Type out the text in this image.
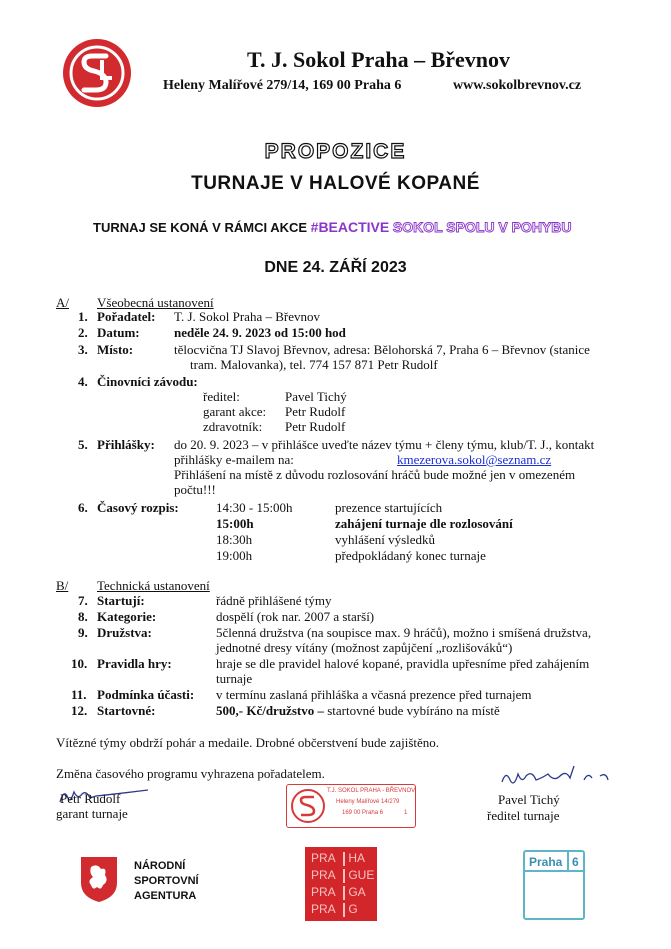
T. J. Sokol Praha – Břevnov
Heleny Malířové 279/14, 169 00 Praha 6	www.sokolbrevnov.cz
PROPOZICE
TURNAJE V HALOVÉ KOPANÉ
TURNAJ SE KONÁ V RÁMCI AKCE #BEACTIVE SOKOL SPOLU V POHYBU
DNE 24. ZÁŘÍ 2023
A/ Všeobecná ustanovení
1. Pořadatel: T. J. Sokol Praha – Břevnov
2. Datum:	neděle 24. 9. 2023 od 15:00 hod
3. Místo:	tělocvična TJ Slavoj Břevnov, adresa: Bělohorská 7, Praha 6 – Břevnov (stanice
tram. Malovanka), tel. 774 157 871 Petr Rudolf
4. Činovníci závodu:
ředitel:	Pavel Tichý
garant akce: Petr Rudolf
zdravotník: Petr Rudolf
5. Přihlášky: do 20. 9. 2023 – v přihlášce uveďte název týmu + členy týmu, klub/T. J., kontakt
přihlášky e-mailem na:	kmezerova.sokol@seznam.cz
Přihlášení na místě z důvodu rozlosování hráčů bude možné jen v omezeném
počtu!!!
6. Časový rozpis:	14:30 - 15:00h	prezence startujících
15:00h	zahájení turnaje dle rozlosování
18:30h	vyhlášení výsledků
19:00h	předpokládaný konec turnaje
B/ Technická ustanovení
7. Startují:	řádně přihlášené týmy
8. Kategorie:	dospělí (rok nar. 2007 a starší)
9. Družstva:	5členná družstva (na soupisce max. 9 hráčů), možno i smíšená družstva,
jednotné dresy vítány (možnost zapůjčení „rozlišováků“)
10. Pravidla hry:	hraje se dle pravidel halové kopané, pravidla upřesníme před zahájením
turnaje
11. Podmínka účasti: v termínu zaslaná přihláška a včasná prezence před turnajem
12. Startovné:	500,- Kč/družstvo – startovné bude vybíráno na místě
Vítězné týmy obdrží pohár a medaile. Drobné občerstvení bude zajištěno.
Změna časového programu vyhrazena pořadatelem.
Petr Rudolf
garant turnaje
T.J. SOKOL PRAHA - BŘEVNOV
Heleny Malířové 14/279
169 00 Praha 6	1
Pavel Tichý
ředitel turnaje
NÁRODNÍ
SPORTOVNÍ
AGENTURA
PRA HA
PRA GUE
PRA GA
PRA G
Praha 6
